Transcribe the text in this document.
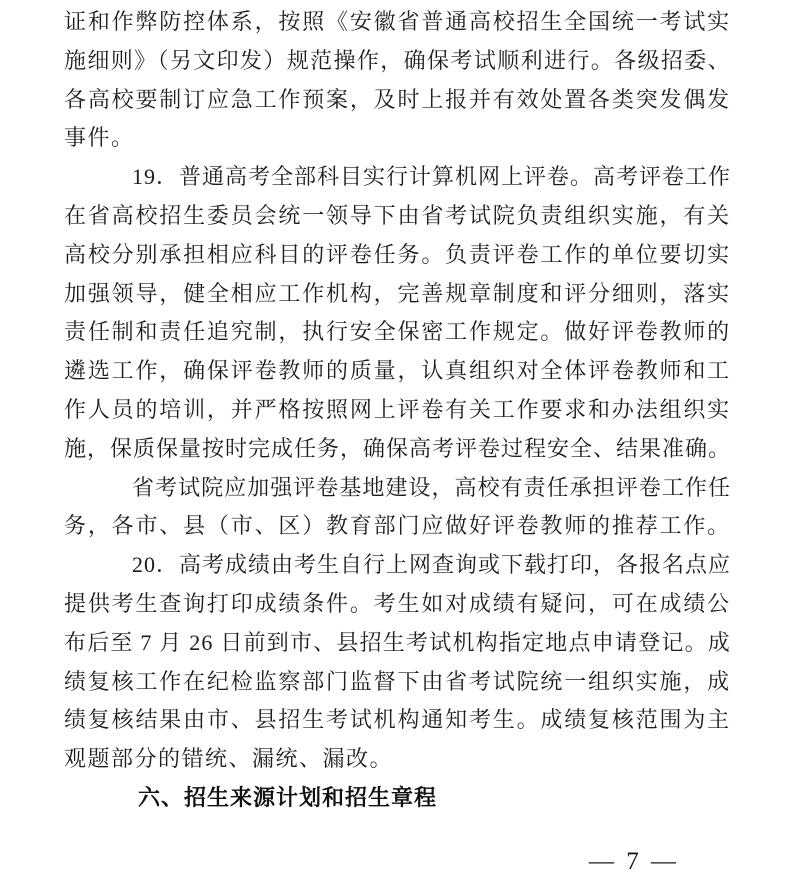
证和作弊防控体系，按照《安徽省普通高校招生全国统一考试实
施细则》（另文印发）规范操作，确保考试顺利进行。各级招委、
各高校要制订应急工作预案，及时上报并有效处置各类突发偶发
事件。
19．普通高考全部科目实行计算机网上评卷。高考评卷工作
在省高校招生委员会统一领导下由省考试院负责组织实施，有关
高校分别承担相应科目的评卷任务。负责评卷工作的单位要切实
加强领导，健全相应工作机构，完善规章制度和评分细则，落实
责任制和责任追究制，执行安全保密工作规定。做好评卷教师的
遴选工作，确保评卷教师的质量，认真组织对全体评卷教师和工
作人员的培训，并严格按照网上评卷有关工作要求和办法组织实
施，保质保量按时完成任务，确保高考评卷过程安全、结果准确。
省考试院应加强评卷基地建设，高校有责任承担评卷工作任
务，各市、县（市、区）教育部门应做好评卷教师的推荐工作。
20．高考成绩由考生自行上网查询或下载打印，各报名点应
提供考生查询打印成绩条件。考生如对成绩有疑问，可在成绩公
布后至 7 月 26 日前到市、县招生考试机构指定地点申请登记。成
绩复核工作在纪检监察部门监督下由省考试院统一组织实施，成
绩复核结果由市、县招生考试机构通知考生。成绩复核范围为主
观题部分的错统、漏统、漏改。
六、招生来源计划和招生章程
— 7 —
